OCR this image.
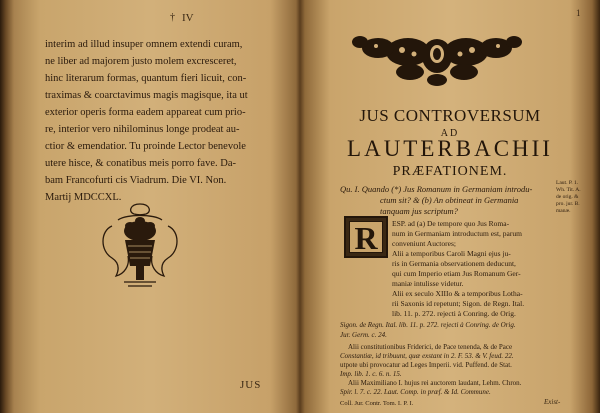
† IV
interim ad illud insuper omnem extendi curam,
ne liber ad majorem justo molem excresceret,
hinc literarum formas, quantum fieri licuit, con-
traximas & coarctavimus magis magisque, ita ut
exterior operis forma eadem appareat cum prio-
re, interior vero nihilominus longe prodeat au-
ctior & emendatior. Tu proinde Lector benevole
utere hisce, & conatibus meis porro fave. Da-
bam Francofurti cis Viadrum. Die VI. Non.
Martij MDCCXL.
JUS
1
JUS CONTROVERSUM
AD
LAUTERBACHII
PRÆFATIONEM.
Qu. I. Quando (*) Jus Romanum in Germaniam introdu-
ctum sit? & (b) An obtineat in Germania
tanquam jus scriptum?
R	ESP. ad (a) De tempore quo Jus Roma-
num in Germaniam introductum est, parum
conveniunt Auctores;
Alii a temporibus Caroli Magni ejus ju-
ris in Germania observationem deducunt,
qui cum Imperio etiam Jus Romanum Ger-
maniæ intulisse videtur.
Alii ex seculo XIIIo & a temporibus Lotha-
rii Saxonis id repetunt; Sigon. de Regn. Ital.
lib. 11. p. 272. rejecti à Conring. de Orig.
Sigon. de Regn. Ital. lib. 11. p. 272. rejecti à Conring. de Orig.
Jur. Germ. c. 24.
Alii constitutionibus Friderici, de Pace tenenda, & de Pace
Constantiæ, id tribuunt, quæ exstant in 2. F. 53. & V. feud. 22.
utpote ubi provocatur ad Leges Imperii. vid. Puffend. de Stat.
Imp. lib. 1. c. 6. n. 15.
Alii Maximiliano I. hujus rei auctorem laudant, Lehm. Chron.
Spir. l. 7. c. 22. Laut. Comp. in præf. & Id. Commune.
Coll. Jur. Contr. Tom. I. P. I.
Laut. P. 1.
Wh. Tit. A.
de orig. &
pro. jur. B.
manæ.
Exist-
